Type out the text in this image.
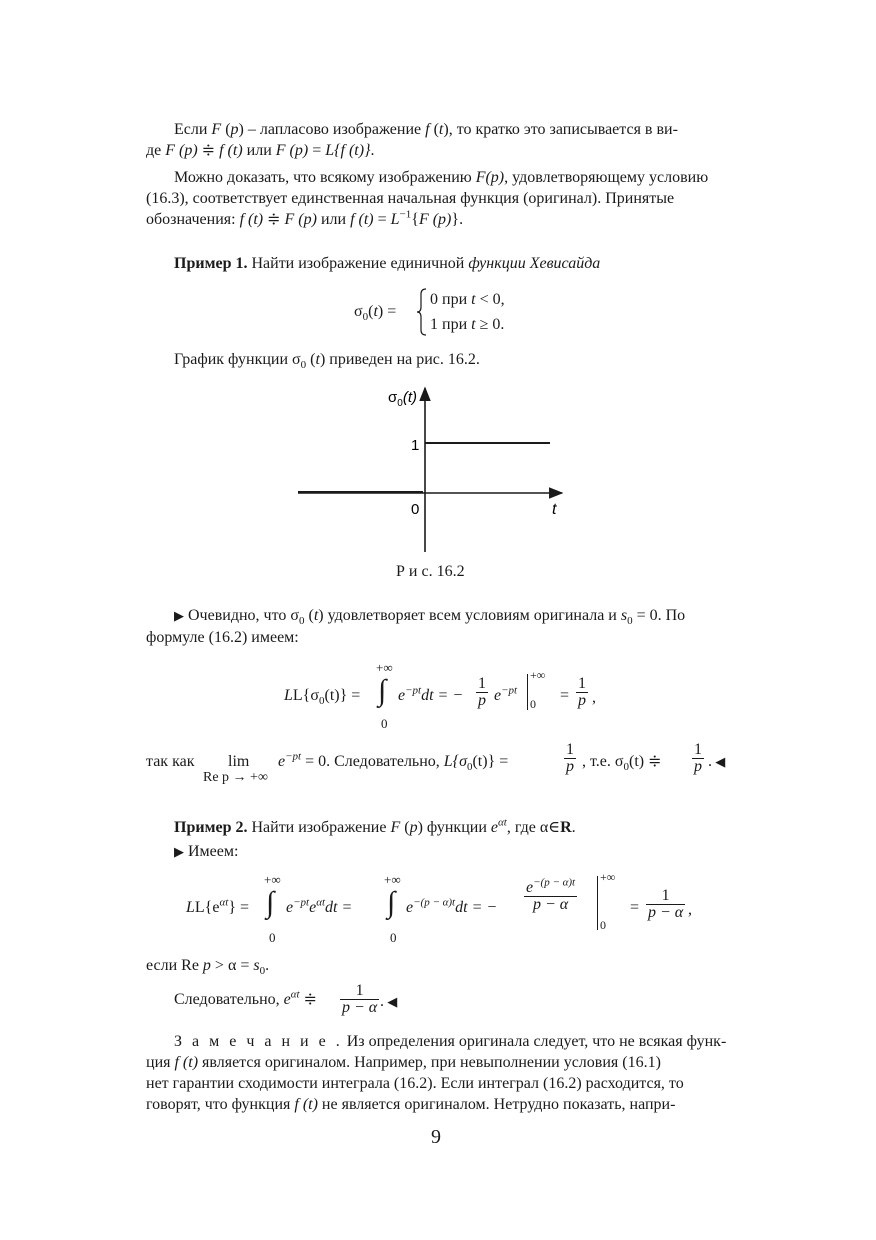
Если F (p) – лапласово изображение f (t), то кратко это записывается в ви-
де F (p) ≑ f (t) или F (p) = L{f (t)}.
Можно доказать, что всякому изображению F(p), удовлетворяющему условию
(16.3), соответствует единственная начальная функция (оригинал). Принятые
обозначения: f (t) ≑ F (p) или f $(t) = L^{-1}\{F$ (p)}.
Пример 1. Найти изображение единичной функции Хевисайда
$\sigma_0(t)$ =
0 при t < 0,
1 при t ≥ 0.
График функции $\sigma_0$ (t) приведен на рис. 16.2.
$\sigma_0(t)$
1
0	t
Р и с. 16.2
▶ Очевидно, что $\sigma_0$ (t) удовлетворяет всем условиям оригинала и $s_0 = 0$. По
формуле (16.2) имеем:
$LL\{\sigma_0(t)\}$ =
+∞
∫
0
$e^{-pt}dt$ = − $\frac{1}{p} e^{-pt}$
+∞
$0 = \frac{1}{p}$ ,
так как lim
Re p → +∞
$e^{-pt} = 0$. Следовательно, $L\{\sigma_0(t)\}$ =	$\frac{1}{p}$ , т.е. $\sigma_0(t)$ ≑ $\frac{1}{p}$ . ◀
Пример 2. Найти изображение F (p) функции $e^{\alpha t}$, где α∈R.
▶ Имеем:
$LL\{e^{\alpha t}\}$ =
+∞
∫
0
$e^{-pt}e^{\alpha t}dt$ =
+∞
∫
0
$e^{-(p - \alpha)t}dt$ = − $\frac{e^{-(p - \alpha)t}}{p - \alpha}$
+∞
0
= $\frac{1}{p - \alpha}$ ,
если Re $p > \alpha = s_0$.
Следовательно, $e^{\alpha t}$ ≑ $\frac{1}{p - \alpha}$ . ◀
З а м е ч а н и е . Из определения оригинала следует, что не всякая функ-
ция f (t) является оригиналом. Например, при невыполнении условия (16.1)
нет гарантии сходимости интеграла (16.2). Если интеграл (16.2) расходится, то
говорят, что функция f (t) не является оригиналом. Нетрудно показать, напри-
9
